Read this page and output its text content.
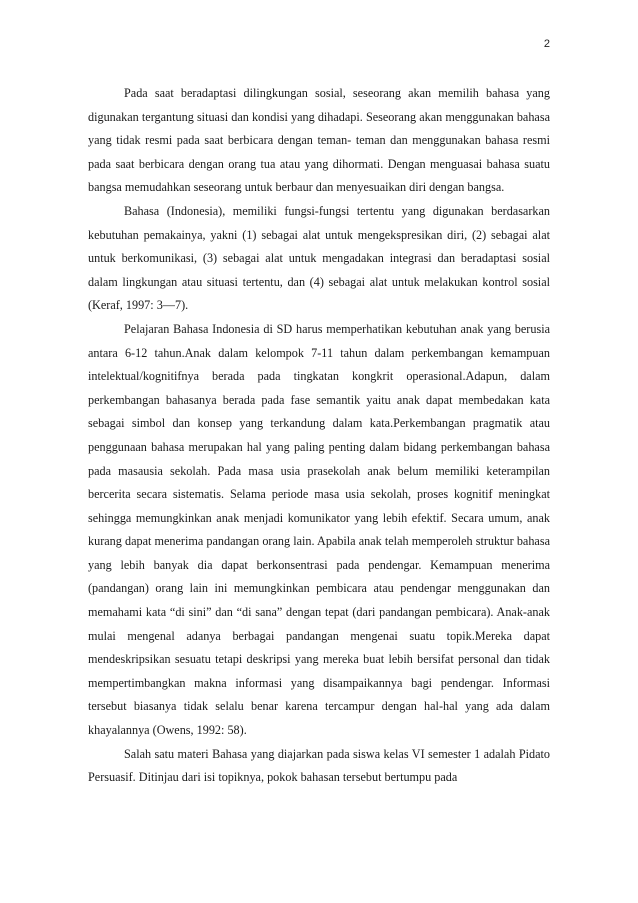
2

Pada saat beradaptasi dilingkungan sosial, seseorang akan memilih bahasa yang digunakan tergantung situasi dan kondisi yang dihadapi. Seseorang akan menggunakan bahasa yang tidak resmi pada saat berbicara dengan teman- teman dan menggunakan bahasa resmi pada saat berbicara dengan orang tua atau yang dihormati. Dengan menguasai bahasa suatu bangsa memudahkan seseorang untuk berbaur dan menyesuaikan diri dengan bangsa.

Bahasa (Indonesia), memiliki fungsi-fungsi tertentu yang digunakan berdasarkan kebutuhan pemakainya, yakni (1) sebagai alat untuk mengekspresikan diri, (2) sebagai alat untuk berkomunikasi, (3) sebagai alat untuk mengadakan integrasi dan beradaptasi sosial dalam lingkungan atau situasi tertentu, dan (4) sebagai alat untuk melakukan kontrol sosial (Keraf, 1997: 3—7).

Pelajaran Bahasa Indonesia di SD harus memperhatikan kebutuhan anak yang berusia antara 6-12 tahun.Anak dalam kelompok 7-11 tahun dalam perkembangan kemampuan intelektual/kognitifnya berada pada tingkatan kongkrit operasional.Adapun, dalam perkembangan bahasanya berada pada fase semantik yaitu anak dapat membedakan kata sebagai simbol dan konsep yang terkandung dalam kata.Perkembangan pragmatik atau penggunaan bahasa merupakan hal yang paling penting dalam bidang perkembangan bahasa pada masausia sekolah. Pada masa usia prasekolah anak belum memiliki keterampilan bercerita secara sistematis. Selama periode masa usia sekolah, proses kognitif meningkat sehingga memungkinkan anak menjadi komunikator yang lebih efektif. Secara umum, anak kurang dapat menerima pandangan orang lain. Apabila anak telah memperoleh struktur bahasa yang lebih banyak dia dapat berkonsentrasi pada pendengar. Kemampuan menerima (pandangan) orang lain ini memungkinkan pembicara atau pendengar menggunakan dan memahami kata “di sini” dan “di sana” dengan tepat (dari pandangan pembicara). Anak-anak mulai mengenal adanya berbagai pandangan mengenai suatu topik.Mereka dapat mendeskripsikan sesuatu tetapi deskripsi yang mereka buat lebih bersifat personal dan tidak mempertimbangkan makna informasi yang disampaikannya bagi pendengar. Informasi tersebut biasanya tidak selalu benar karena tercampur dengan hal-hal yang ada dalam khayalannya (Owens, 1992: 58).

Salah satu materi Bahasa yang diajarkan pada siswa kelas VI semester 1 adalah Pidato Persuasif. Ditinjau dari isi topiknya, pokok bahasan tersebut bertumpu pada
